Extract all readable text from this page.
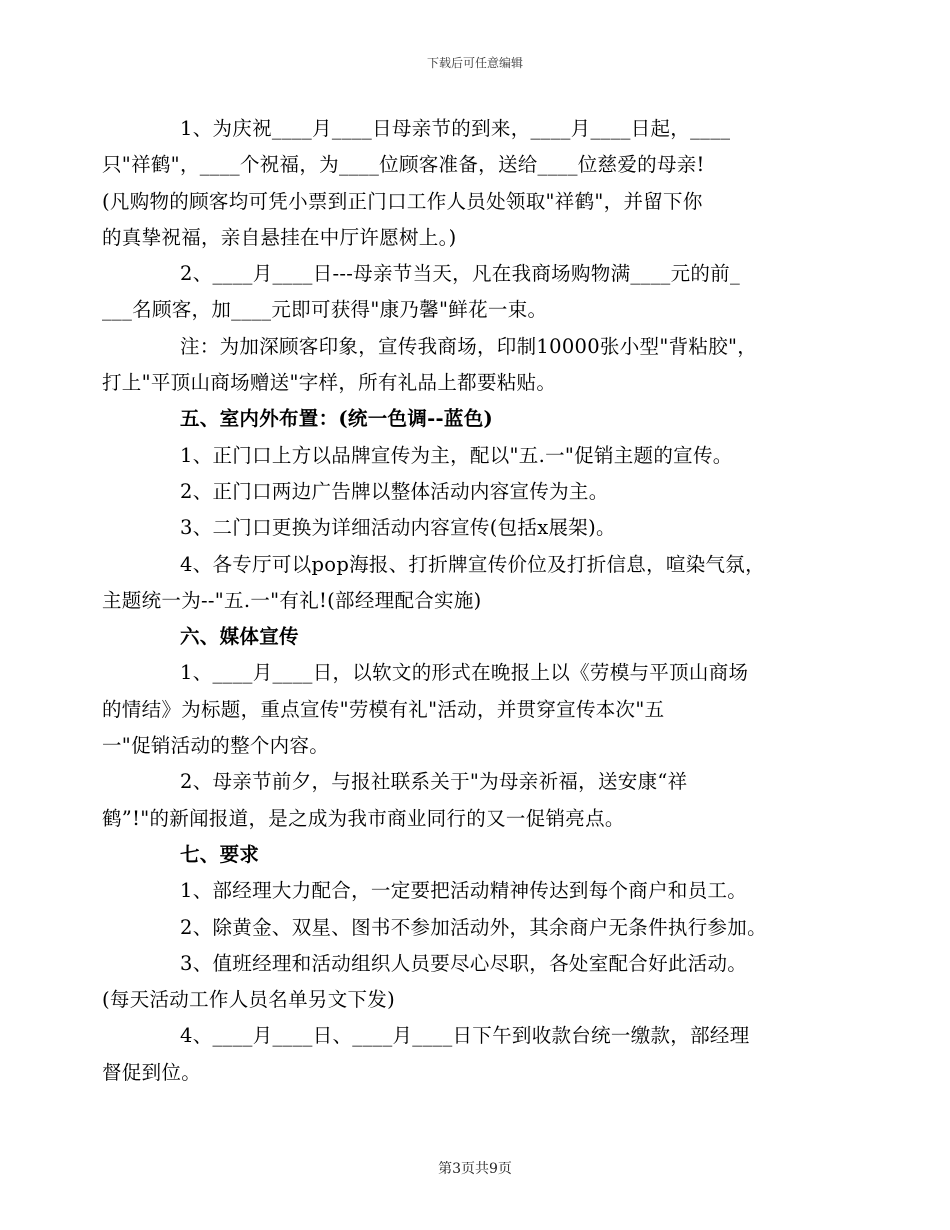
下载后可任意编辑

1、为庆祝____月____日母亲节的到来，____月____日起，____
只"祥鹤"，____个祝福，为____位顾客准备，送给____位慈爱的母亲!
(凡购物的顾客均可凭小票到正门口工作人员处领取"祥鹤"，并留下你
的真挚祝福，亲自悬挂在中厅许愿树上。)

2、____月____日---母亲节当天，凡在我商场购物满____元的前_
___名顾客，加____元即可获得"康乃馨"鲜花一束。

注：为加深顾客印象，宣传我商场，印制10000张小型"背粘胶"，
打上"平顶山商场赠送"字样，所有礼品上都要粘贴。

五、室内外布置：(统一色调--蓝色)

1、正门口上方以品牌宣传为主，配以"五.一"促销主题的宣传。

2、正门口两边广告牌以整体活动内容宣传为主。

3、二门口更换为详细活动内容宣传(包括x展架)。

4、各专厅可以pop海报、打折牌宣传价位及打折信息，喧染气氛，
主题统一为--"五.一"有礼!(部经理配合实施)

六、媒体宣传

1、____月____日，以软文的形式在晚报上以《劳模与平顶山商场
的情结》为标题，重点宣传"劳模有礼"活动，并贯穿宣传本次"五
一"促销活动的整个内容。

2、母亲节前夕，与报社联系关于"为母亲祈福，送安康“祥
鹤”!"的新闻报道，是之成为我市商业同行的又一促销亮点。

七、要求

1、部经理大力配合，一定要把活动精神传达到每个商户和员工。

2、除黄金、双星、图书不参加活动外，其余商户无条件执行参加。

3、值班经理和活动组织人员要尽心尽职，各处室配合好此活动。
(每天活动工作人员名单另文下发)

4、____月____日、____月____日下午到收款台统一缴款，部经理
督促到位。

第3页共9页
